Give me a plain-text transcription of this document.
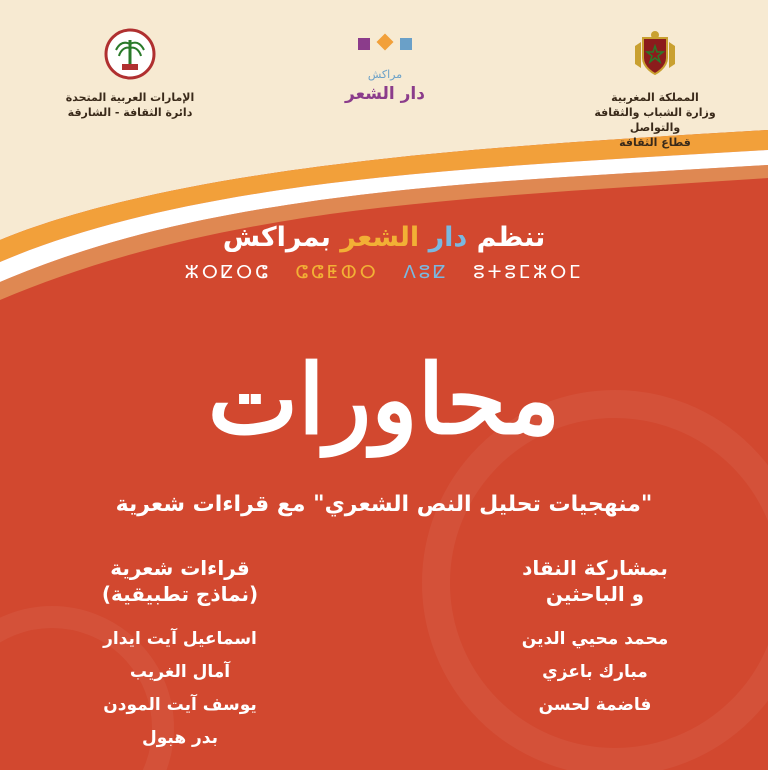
الإمارات العربية المتحدة
دائرة الثقافة - الشارقة
مراكش
دار الشعر	المملكة المغربية
وزارة الشباب والثقافة والتواصل
قطاع الثقافة
تنظم دار الشعر بمراكش
ⵣⵔⵇⵔⵛ ⵛⵛⵟⵀⵔ ⴷⵓⵇ ⵓⵜⵓⵎⵣⵔⵎ
محاورات
"منهجيات تحليل النص الشعري" مع قراءات شعرية
بمشاركة النقاد
و الباحثين
محمد محيي الدين
مبارك باعزي
فاضمة لحسن
قراءات شعرية
(نماذج تطبيقية)
اسماعيل آيت ايدار
آمال الغريب
يوسف آيت المودن
بدر هبول
